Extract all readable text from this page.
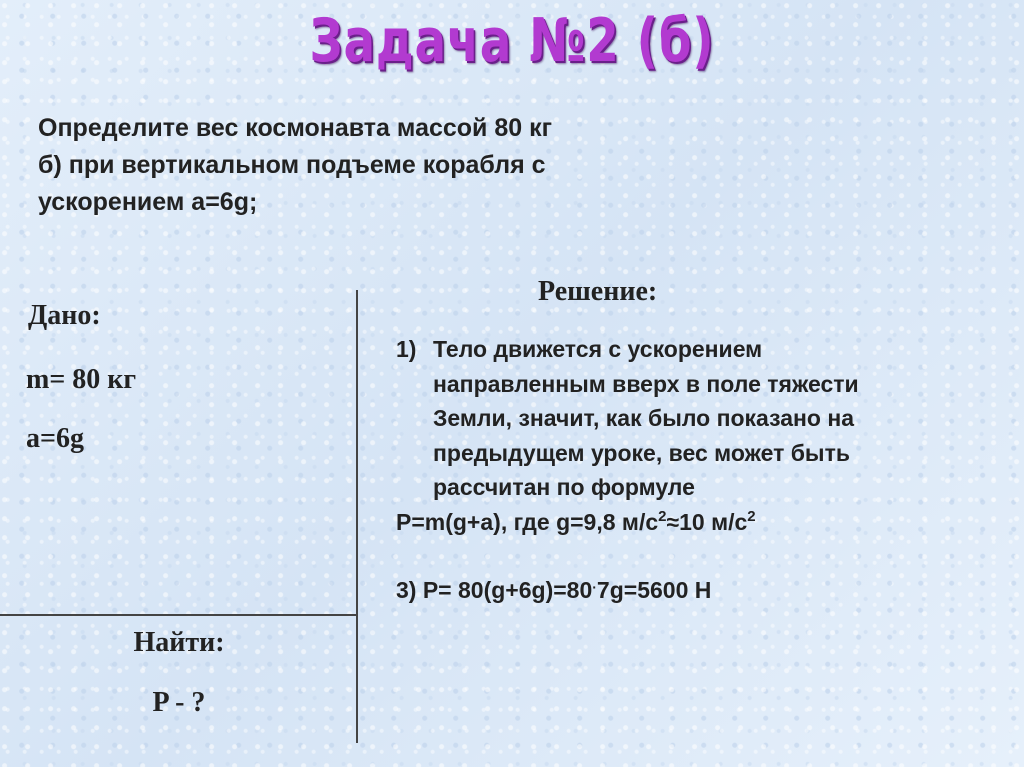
Задача №2 (б)
Определите вес космонавта массой 80 кг
б) при вертикальном подъеме корабля с
ускорением a=6g;
Дано:
m= 80 кг
a=6g
Найти:
P - ?
Решение:
1) Тело движется с ускорением
направленным вверх в поле тяжести
Земли, значит, как было показано на
предыдущем уроке, вес может быть
рассчитан по формуле
P=m(g+a), где g=9,8 $м/с^2\approx 10$ $м/с^2$
3) P= 80(g+6g)=80·7g=5600 Н
